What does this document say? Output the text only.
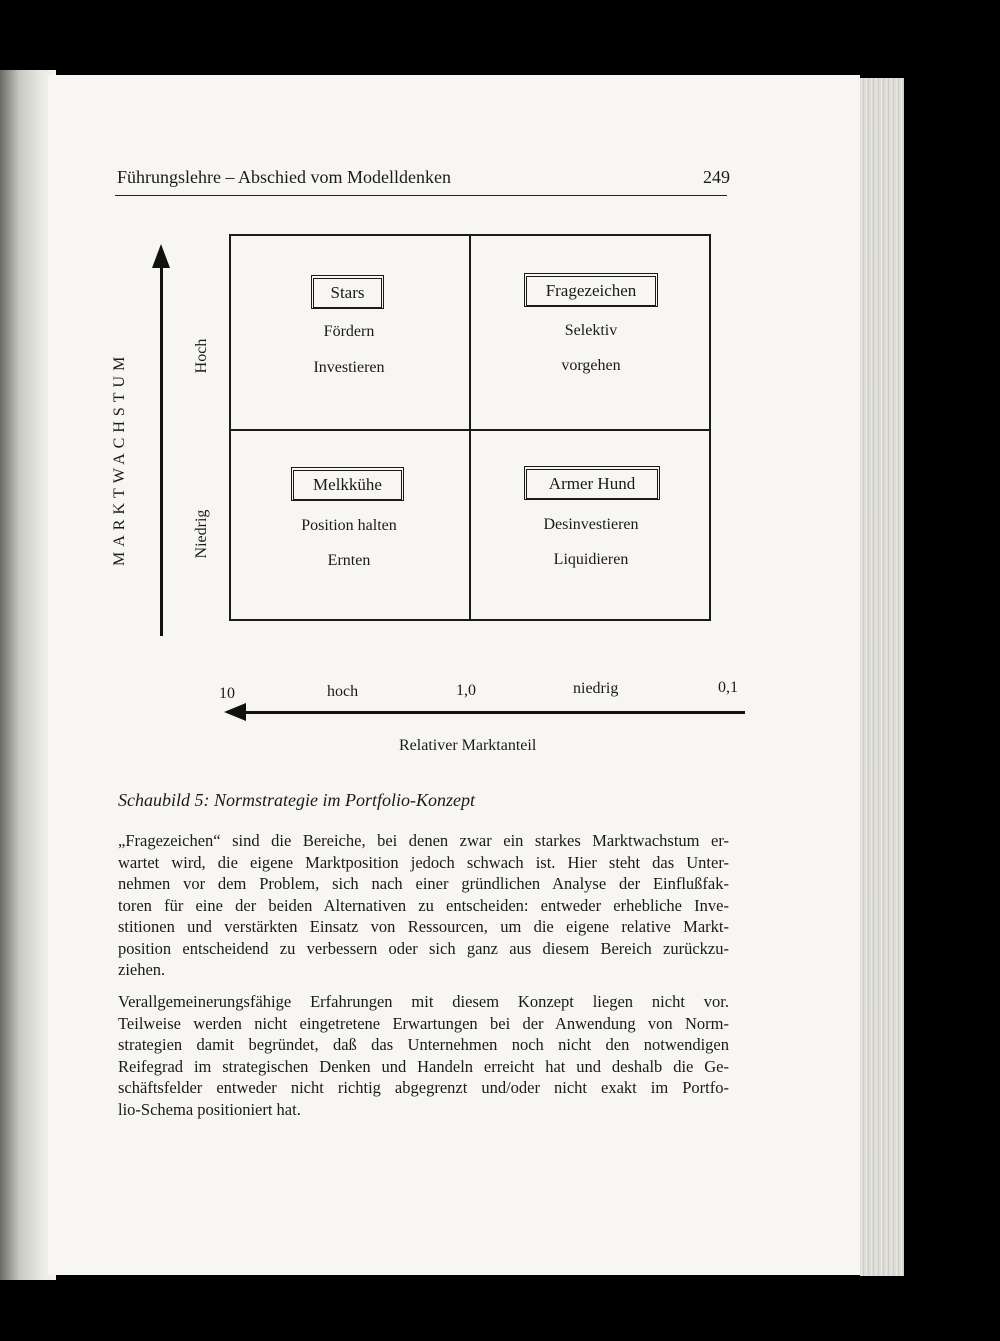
Führungslehre – Abschied vom Modelldenken	249
MARKTWACHSTUM	Hoch
Niedrig
Stars
Fördern
Investieren
Fragezeichen
Selektiv
vorgehen
Melkkühe
Position halten
Ernten
Armer Hund
Desinvestieren
Liquidieren
10	hoch	1,0	niedrig	0,1
Relativer Marktanteil
Schaubild 5: Normstrategie im Portfolio-Konzept
„Fragezeichen“ sind die Bereiche, bei denen zwar ein starkes Marktwachstum er-
wartet wird, die eigene Marktposition jedoch schwach ist. Hier steht das Unter-
nehmen vor dem Problem, sich nach einer gründlichen Analyse der Einflußfak-
toren für eine der beiden Alternativen zu entscheiden: entweder erhebliche Inve-
stitionen und verstärkten Einsatz von Ressourcen, um die eigene relative Markt-
position entscheidend zu verbessern oder sich ganz aus diesem Bereich zurückzu-
ziehen.
Verallgemeinerungsfähige Erfahrungen mit diesem Konzept liegen nicht vor.
Teilweise werden nicht eingetretene Erwartungen bei der Anwendung von Norm-
strategien damit begründet, daß das Unternehmen noch nicht den notwendigen
Reifegrad im strategischen Denken und Handeln erreicht hat und deshalb die Ge-
schäftsfelder entweder nicht richtig abgegrenzt und/oder nicht exakt im Portfo-
lio-Schema positioniert hat.
